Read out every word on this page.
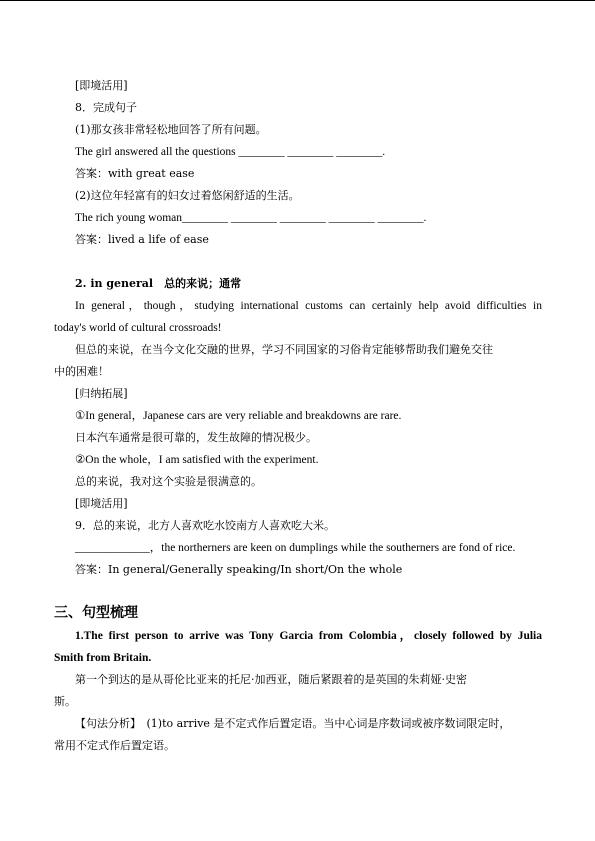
[即境活用]
8．完成句子
(1)那女孩非常轻松地回答了所有问题。
The girl answered all the questions ________ ________ ________.
答案：with great ease
(2)这位年轻富有的妇女过着悠闲舒适的生活。
The rich young woman________ ________ ________ ________ ________.
答案：lived a life of ease
2. in general　总的来说；通常
In general，though，studying international customs can certainly help avoid difficulties in
today's world of cultural crossroads!
但总的来说，在当今文化交融的世界，学习不同国家的习俗肯定能够帮助我们避免交往
中的困难！
[归纳拓展]
①In general，Japanese cars are very reliable and breakdowns are rare.
日本汽车通常是很可靠的，发生故障的情况极少。
②On the whole，I am satisfied with the experiment.
总的来说，我对这个实验是很满意的。
[即境活用]
9．总的来说，北方人喜欢吃水饺南方人喜欢吃大米。
_____________，the northerners are keen on dumplings while the southerners are fond of rice.
答案：In general/Generally speaking/In short/On the whole
三、句型梳理
1.The first person to arrive was Tony Garcia from Colombia，closely followed by Julia
Smith from Britain.
第一个到达的是从哥伦比亚来的托尼·加西亚，随后紧跟着的是英国的朱莉娅·史密
斯。
【句法分析】　(1)to arrive 是不定式作后置定语。当中心词是序数词或被序数词限定时，
常用不定式作后置定语。
